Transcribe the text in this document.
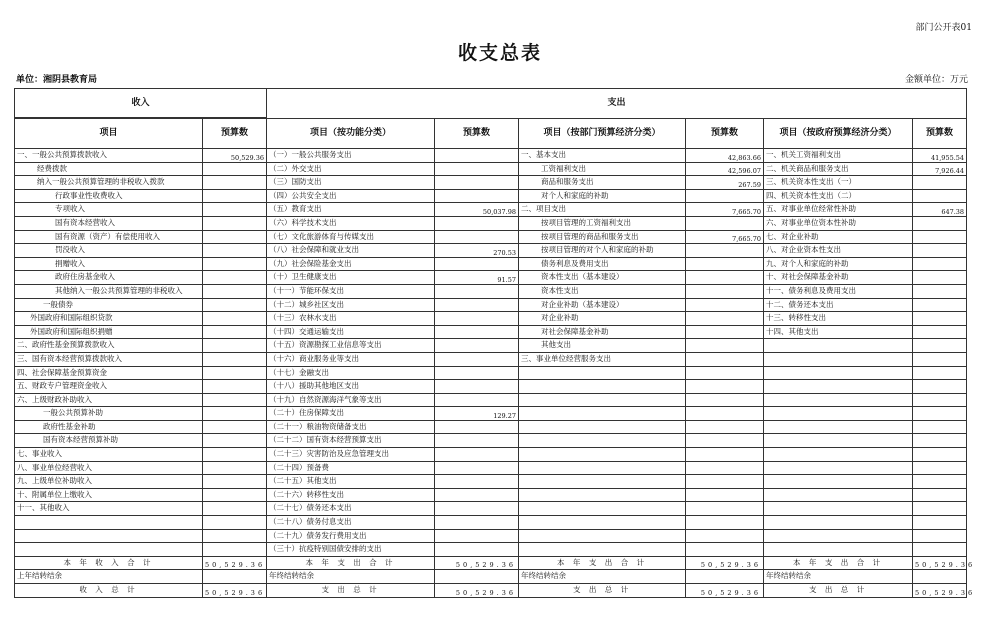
部门公开表01
收支总表
单位：湘阴县教育局	金额单位：万元
收入		支出					
项目	预算数	项目（按功能分类）	预算数	项目（按部门预算经济分类）	预算数	项目（按政府预算经济分类）	预算数
一、一般公共预算拨款收入	50,529.36	（一）一般公共服务支出		一、基本支出	42,863.66	一、机关工资福利支出	41,955.54
经费拨款		（二）外交支出		工资福利支出	42,596.07	二、机关商品和服务支出	7,926.44
纳入一般公共预算管理的非税收入拨款		（三）国防支出		商品和服务支出	267.59	三、机关资本性支出（一）	
行政事业性收费收入		（四）公共安全支出		对个人和家庭的补助		四、机关资本性支出（二）	
专项收入		（五）教育支出	50,037.98	二、项目支出	7,665.70	五、对事业单位经常性补助	647.38
国有资本经营收入		（六）科学技术支出		按项目管理的工资福利支出		六、对事业单位资本性补助	
国有资源（资产）有偿使用收入		（七）文化旅游体育与传媒支出		按项目管理的商品和服务支出	7,665.70	七、对企业补助	
罚没收入		（八）社会保障和就业支出	270.53	按项目管理的对个人和家庭的补助		八、对企业资本性支出	
捐赠收入		（九）社会保险基金支出		债务利息及费用支出		九、对个人和家庭的补助	
政府住房基金收入		（十）卫生健康支出	91.57	资本性支出（基本建设）		十、对社会保障基金补助	
其他纳入一般公共预算管理的非税收入		（十一）节能环保支出		资本性支出		十一、债务利息及费用支出	
一般债券		（十二）城乡社区支出		对企业补助（基本建设）		十二、债务还本支出	
外国政府和国际组织贷款		（十三）农林水支出		对企业补助		十三、转移性支出	
外国政府和国际组织捐赠		（十四）交通运输支出		对社会保障基金补助		十四、其他支出	
二、政府性基金预算拨款收入		（十五）资源勘探工业信息等支出		其他支出			
三、国有资本经营预算拨款收入		（十六）商业服务业等支出		三、事业单位经营服务支出			
四、社会保障基金预算资金		（十七）金融支出					
五、财政专户管理资金收入		（十八）援助其他地区支出					
六、上级财政补助收入		（十九）自然资源海洋气象等支出					
一般公共预算补助		（二十）住房保障支出	129.27				
政府性基金补助		（二十一）粮油物资储备支出					
国有资本经营预算补助		（二十二）国有资本经营预算支出					
七、事业收入		（二十三）灾害防治及应急管理支出					
八、事业单位经营收入		（二十四）预备费					
九、上级单位补助收入		（二十五）其他支出					
十、附属单位上缴收入		（二十六）转移性支出					
十一、其他收入		（二十七）债务还本支出					
		（二十八）债务付息支出					
		（二十九）债务发行费用支出					
		（三十）抗疫特别国债安排的支出					
本 年 收 入 合 计	50,529.36	本 年 支 出 合 计	50,529.36	本 年 支 出 合 计	50,529.36	本 年 支 出 合 计	50,529.36
上年结转结余		年终结转结余		年终结转结余		年终结转结余	
收 入 总 计	50,529.36	支 出 总 计	50,529.36	支 出 总 计	50,529.36	支 出 总 计	50,529.36
